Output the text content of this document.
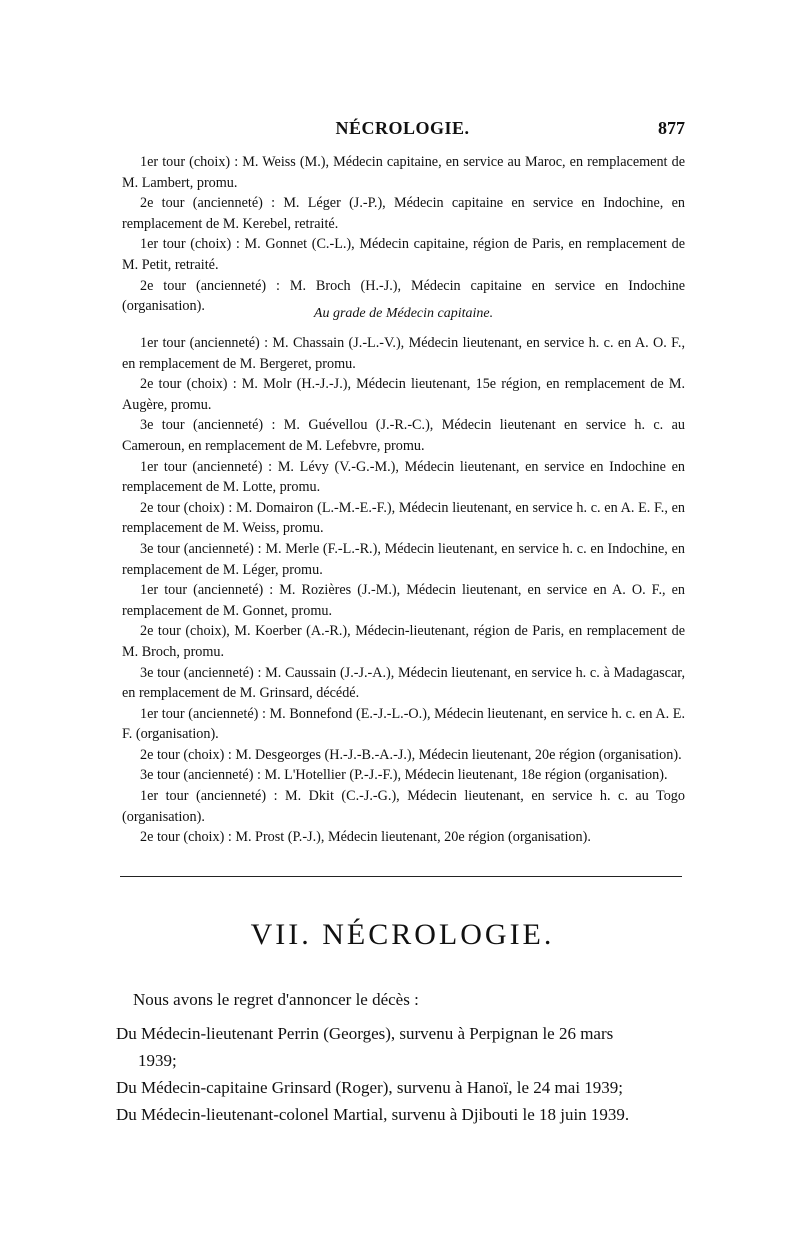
NÉCROLOGIE.	877

1er tour (choix) : M. Weiss (M.), Médecin capitaine, en service au Maroc, en remplacement de M. Lambert, promu.

2e tour (ancienneté) : M. Léger (J.-P.), Médecin capitaine en service en Indochine, en remplacement de M. Kerebel, retraité.

1er tour (choix) : M. Gonnet (C.-L.), Médecin capitaine, région de Paris, en remplacement de M. Petit, retraité.

2e tour (ancienneté) : M. Broch (H.-J.), Médecin capitaine en service en Indochine (organisation).	Au grade de Médecin capitaine.

1er tour (ancienneté) : M. Chassain (J.-L.-V.), Médecin lieutenant, en service h. c. en A. O. F., en remplacement de M. Bergeret, promu.

2e tour (choix) : M. Molr (H.-J.-J.), Médecin lieutenant, 15e région, en remplacement de M. Augère, promu.

3e tour (ancienneté) : M. Guévellou (J.-R.-C.), Médecin lieutenant en service h. c. au Cameroun, en remplacement de M. Lefebvre, promu.

1er tour (ancienneté) : M. Lévy (V.-G.-M.), Médecin lieutenant, en service en Indochine en remplacement de M. Lotte, promu.

2e tour (choix) : M. Domairon (L.-M.-E.-F.), Médecin lieutenant, en service h. c. en A. E. F., en remplacement de M. Weiss, promu.

3e tour (ancienneté) : M. Merle (F.-L.-R.), Médecin lieutenant, en service h. c. en Indochine, en remplacement de M. Léger, promu.

1er tour (ancienneté) : M. Rozières (J.-M.), Médecin lieutenant, en service en A. O. F., en remplacement de M. Gonnet, promu.

2e tour (choix), M. Koerber (A.-R.), Médecin-lieutenant, région de Paris, en remplacement de M. Broch, promu.

3e tour (ancienneté) : M. Caussain (J.-J.-A.), Médecin lieutenant, en service h. c. à Madagascar, en remplacement de M. Grinsard, décédé.

1er tour (ancienneté) : M. Bonnefond (E.-J.-L.-O.), Médecin lieutenant, en service h. c. en A. E. F. (organisation).

2e tour (choix) : M. Desgeorges (H.-J.-B.-A.-J.), Médecin lieutenant, 20e région (organisation).

3e tour (ancienneté) : M. L'Hotellier (P.-J.-F.), Médecin lieutenant, 18e région (organisation).

1er tour (ancienneté) : M. Dkit (C.-J.-G.), Médecin lieutenant, en service h. c. au Togo (organisation).

2e tour (choix) : M. Prost (P.-J.), Médecin lieutenant, 20e région (organisation).

VII. NÉCROLOGIE.
Nous avons le regret d'annoncer le décès :

Du Médecin-lieutenant Perrin (Georges), survenu à Perpignan le 26 mars

1939;

Du Médecin-capitaine Grinsard (Roger), survenu à Hanoï, le 24 mai 1939;

Du Médecin-lieutenant-colonel Martial, survenu à Djibouti le 18 juin 1939.
